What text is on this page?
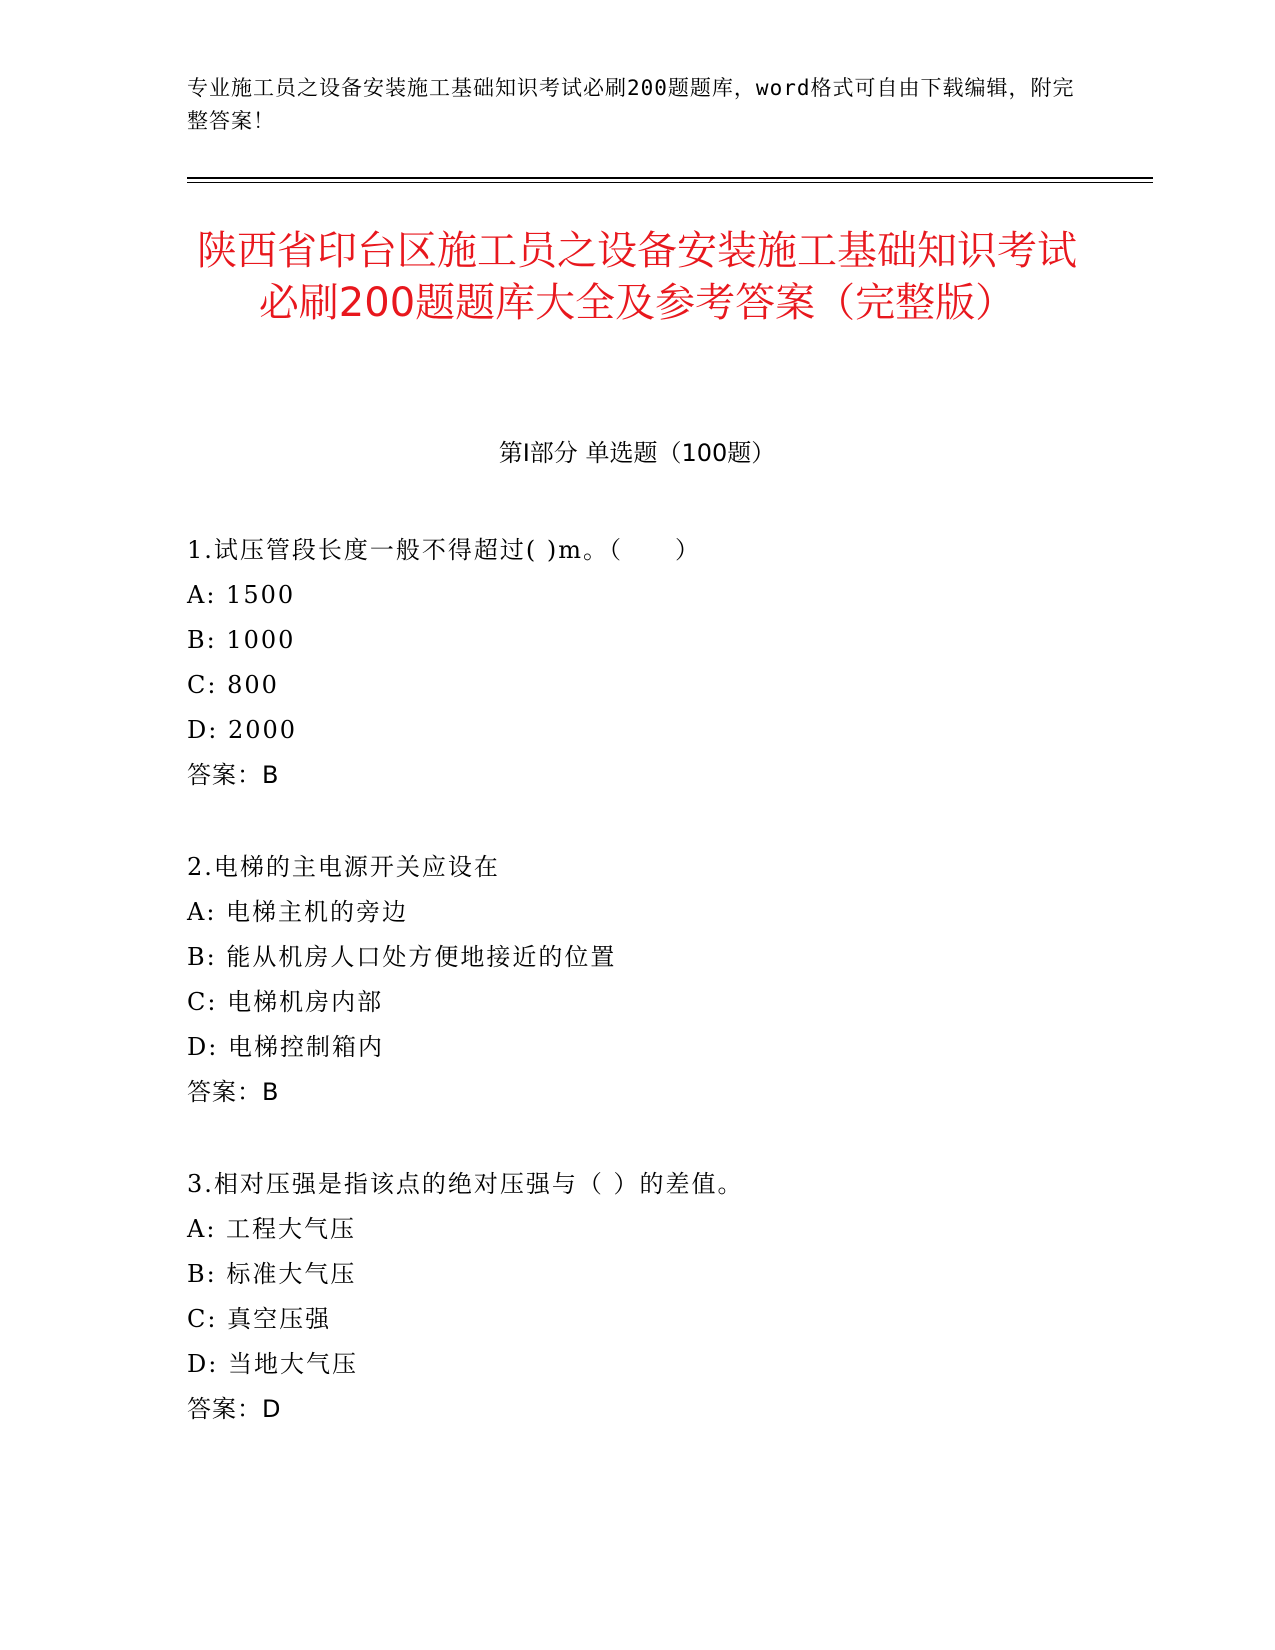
专业施工员之设备安装施工基础知识考试必刷200题题库，word格式可自由下载编辑，附完整答案！
陕西省印台区施工员之设备安装施工基础知识考试必刷200题题库大全及参考答案（完整版）
第I部分 单选题（100题）
1.试压管段长度一般不得超过( )m。（　　）
A: 1500
B: 1000
C: 800
D: 2000
答案：B
2.电梯的主电源开关应设在
A: 电梯主机的旁边
B: 能从机房人口处方便地接近的位置
C: 电梯机房内部
D: 电梯控制箱内
答案：B
3.相对压强是指该点的绝对压强与（ ）的差值。
A: 工程大气压
B: 标准大气压
C: 真空压强
D: 当地大气压
答案：D
